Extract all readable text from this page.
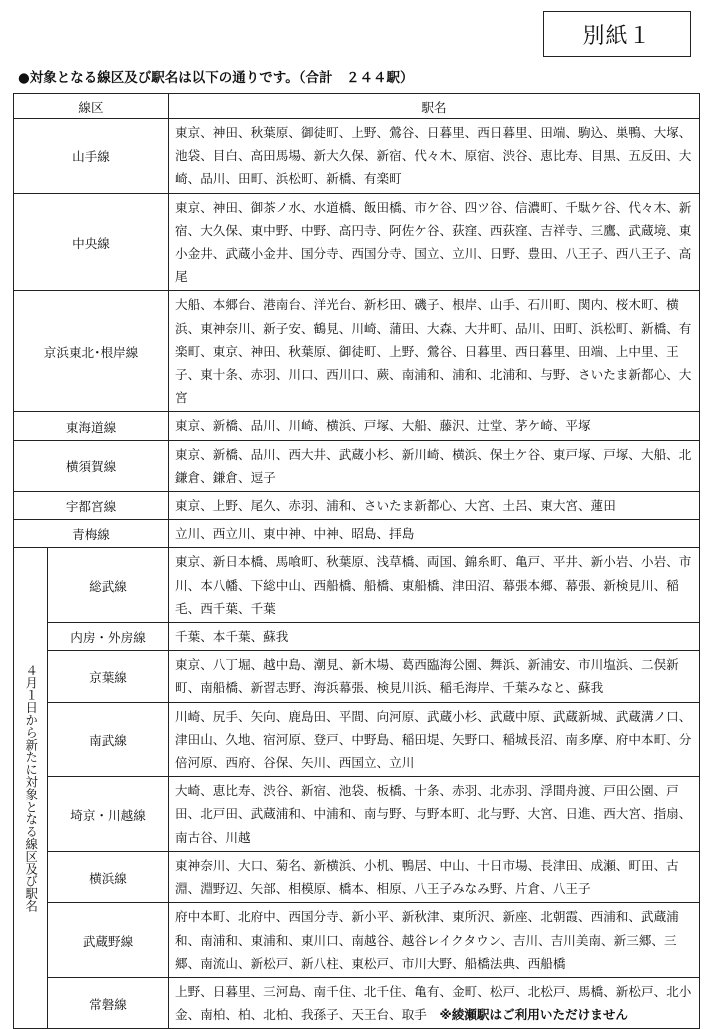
別紙１
●対象となる線区及び駅名は以下の通りです。（合計　２４４駅）
線区		駅名
山手線		東京、神田、秋葉原、御徒町、上野、鶯谷、日暮里、西日暮里、田端、駒込、巣鴨、大塚、池袋、目白、高田馬場、新大久保、新宿、代々木、原宿、渋谷、恵比寿、目黒、五反田、大崎、品川、田町、浜松町、新橋、有楽町
中央線		東京、神田、御茶ノ水、水道橋、飯田橋、市ケ谷、四ツ谷、信濃町、千駄ケ谷、代々木、新宿、大久保、東中野、中野、高円寺、阿佐ケ谷、荻窪、西荻窪、吉祥寺、三鷹、武蔵境、東小金井、武蔵小金井、国分寺、西国分寺、国立、立川、日野、豊田、八王子、西八王子、高尾
京浜東北･根岸線		大船、本郷台、港南台、洋光台、新杉田、磯子、根岸、山手、石川町、関内、桜木町、横浜、東神奈川、新子安、鶴見、川崎、蒲田、大森、大井町、品川、田町、浜松町、新橋、有楽町、東京、神田、秋葉原、御徒町、上野、鶯谷、日暮里、西日暮里、田端、上中里、王子、東十条、赤羽、川口、西川口、蕨、南浦和、浦和、北浦和、与野、さいたま新都心、大宮
東海道線		東京、新橋、品川、川崎、横浜、戸塚、大船、藤沢、辻堂、茅ケ崎、平塚
横須賀線		東京、新橋、品川、西大井、武蔵小杉、新川崎、横浜、保土ケ谷、東戸塚、戸塚、大船、北鎌倉、鎌倉、逗子
宇都宮線		東京、上野、尾久、赤羽、浦和、さいたま新都心、大宮、土呂、東大宮、蓮田
青梅線		立川、西立川、東中神、中神、昭島、拝島
４月１日から新たに対象となる線区及び駅名	総武線	東京、新日本橋、馬喰町、秋葉原、浅草橋、両国、錦糸町、亀戸、平井、新小岩、小岩、市川、本八幡、下総中山、西船橋、船橋、東船橋、津田沼、幕張本郷、幕張、新検見川、稲毛、西千葉、千葉
	内房・外房線	千葉、本千葉、蘇我
	京葉線	東京、八丁堀、越中島、潮見、新木場、葛西臨海公園、舞浜、新浦安、市川塩浜、二俣新町、南船橋、新習志野、海浜幕張、検見川浜、稲毛海岸、千葉みなと、蘇我
	南武線	川崎、尻手、矢向、鹿島田、平間、向河原、武蔵小杉、武蔵中原、武蔵新城、武蔵溝ノ口、津田山、久地、宿河原、登戸、中野島、稲田堤、矢野口、稲城長沼、南多摩、府中本町、分倍河原、西府、谷保、矢川、西国立、立川
	埼京・川越線	大崎、恵比寿、渋谷、新宿、池袋、板橋、十条、赤羽、北赤羽、浮間舟渡、戸田公園、戸田、北戸田、武蔵浦和、中浦和、南与野、与野本町、北与野、大宮、日進、西大宮、指扇、南古谷、川越
	横浜線	東神奈川、大口、菊名、新横浜、小机、鴨居、中山、十日市場、長津田、成瀬、町田、古淵、淵野辺、矢部、相模原、橋本、相原、八王子みなみ野、片倉、八王子
	武蔵野線	府中本町、北府中、西国分寺、新小平、新秋津、東所沢、新座、北朝霞、西浦和、武蔵浦和、南浦和、東浦和、東川口、南越谷、越谷レイクタウン、吉川、吉川美南、新三郷、三郷、南流山、新松戸、新八柱、東松戸、市川大野、船橋法典、西船橋
	常磐線	上野、日暮里、三河島、南千住、北千住、亀有、金町、松戸、北松戸、馬橋、新松戸、北小金、南柏、柏、北柏、我孫子、天王台、取手　 ※綾瀬駅はご利用いただけません
